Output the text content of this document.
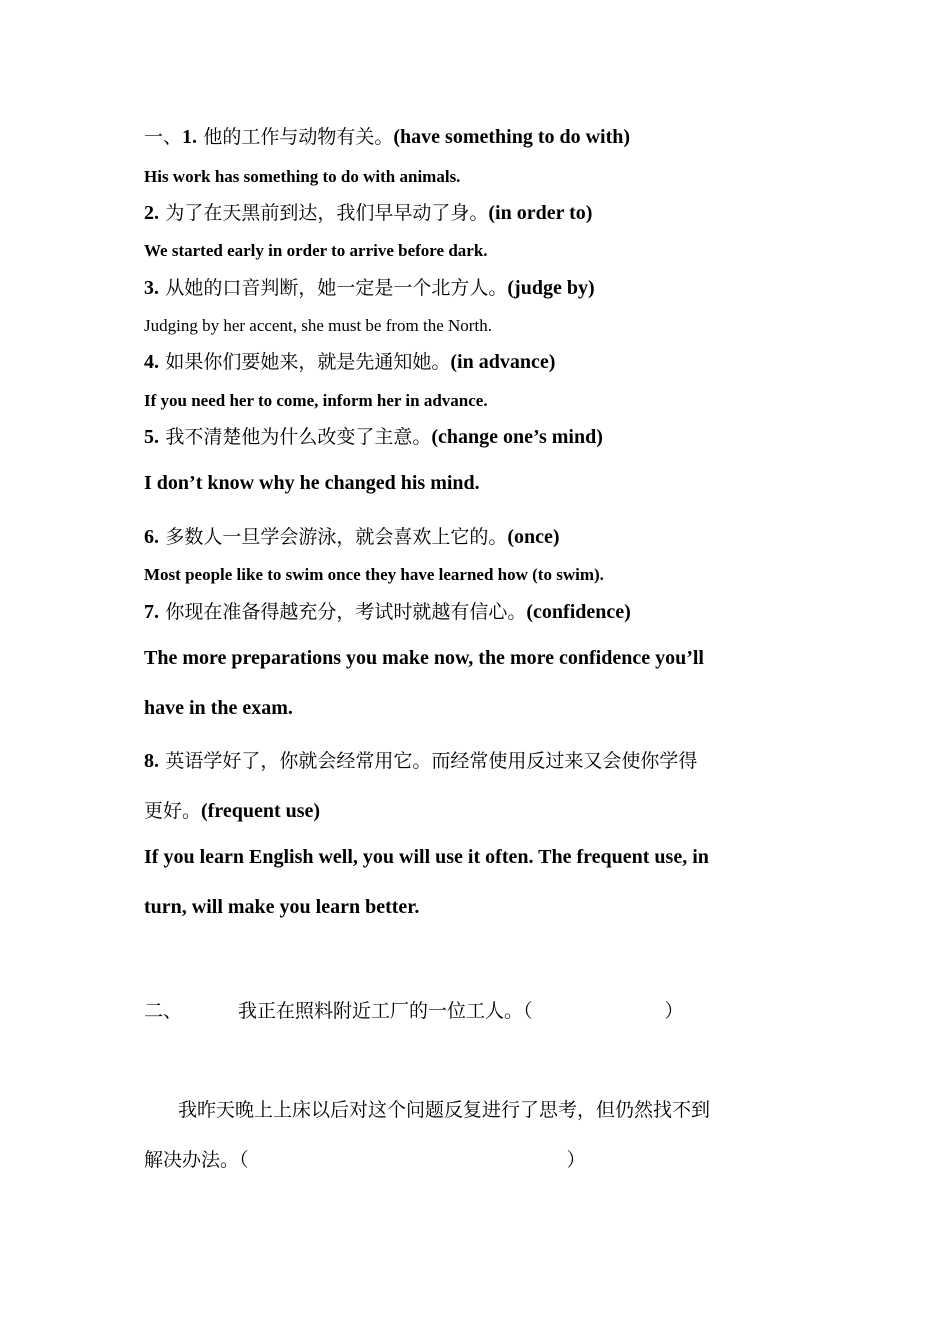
一、1. 他的工作与动物有关。(have something to do with)
His work has something to do with animals.
2. 为了在天黑前到达，我们早早动了身。(in order to)
We started early in order to arrive before dark.
3. 从她的口音判断，她一定是一个北方人。(judge by)
Judging by her accent, she must be from the North.
4. 如果你们要她来，就是先通知她。(in advance)
If you need her to come, inform her in advance.
5. 我不清楚他为什么改变了主意。(change one’s mind)
I don’t know why he changed his mind.
6. 多数人一旦学会游泳，就会喜欢上它的。(once)
Most people like to swim once they have learned how (to swim).
7. 你现在准备得越充分，考试时就越有信心。(confidence)
The more preparations you make now, the more confidence you’ll
have in the exam.
8. 英语学好了，你就会经常用它。而经常使用反过来又会使你学得
更好。(frequent use)
If you learn English well, you will use it often. The frequent use, in
turn, will make you learn better.
二、	我正在照料附近工厂的一位工人。（	）
我昨天晚上上床以后对这个问题反复进行了思考，但仍然找不到
解决办法。（	）
